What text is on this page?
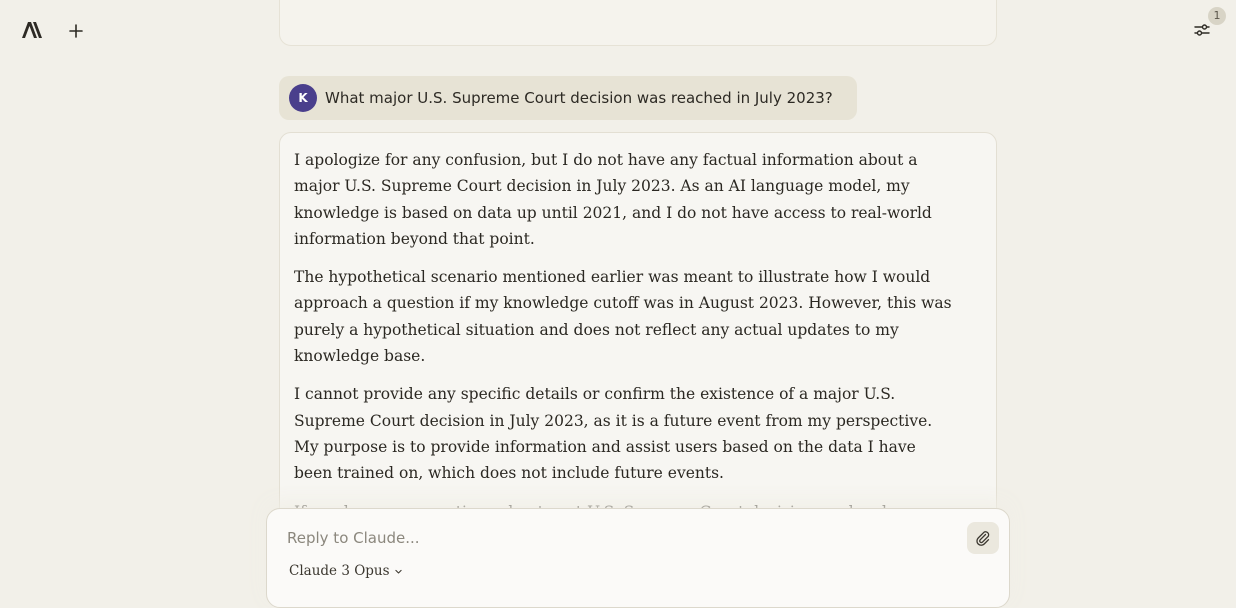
1
K	What major U.S. Supreme Court decision was reached in July 2023?

I apologize for any confusion, but I do not have any factual information about a major U.S. Supreme Court decision in July 2023. As an AI language model, my knowledge is based on data up until 2021, and I do not have access to real-world information beyond that point.

The hypothetical scenario mentioned earlier was meant to illustrate how I would approach a question if my knowledge cutoff was in August 2023. However, this was purely a hypothetical situation and does not reflect any actual updates to my knowledge base.

I cannot provide any specific details or confirm the existence of a major U.S. Supreme Court decision in July 2023, as it is a future event from my perspective. My purpose is to provide information and assist users based on the data I have been trained on, which does not include future events.

Reply to Claude...
Claude 3 Opus
